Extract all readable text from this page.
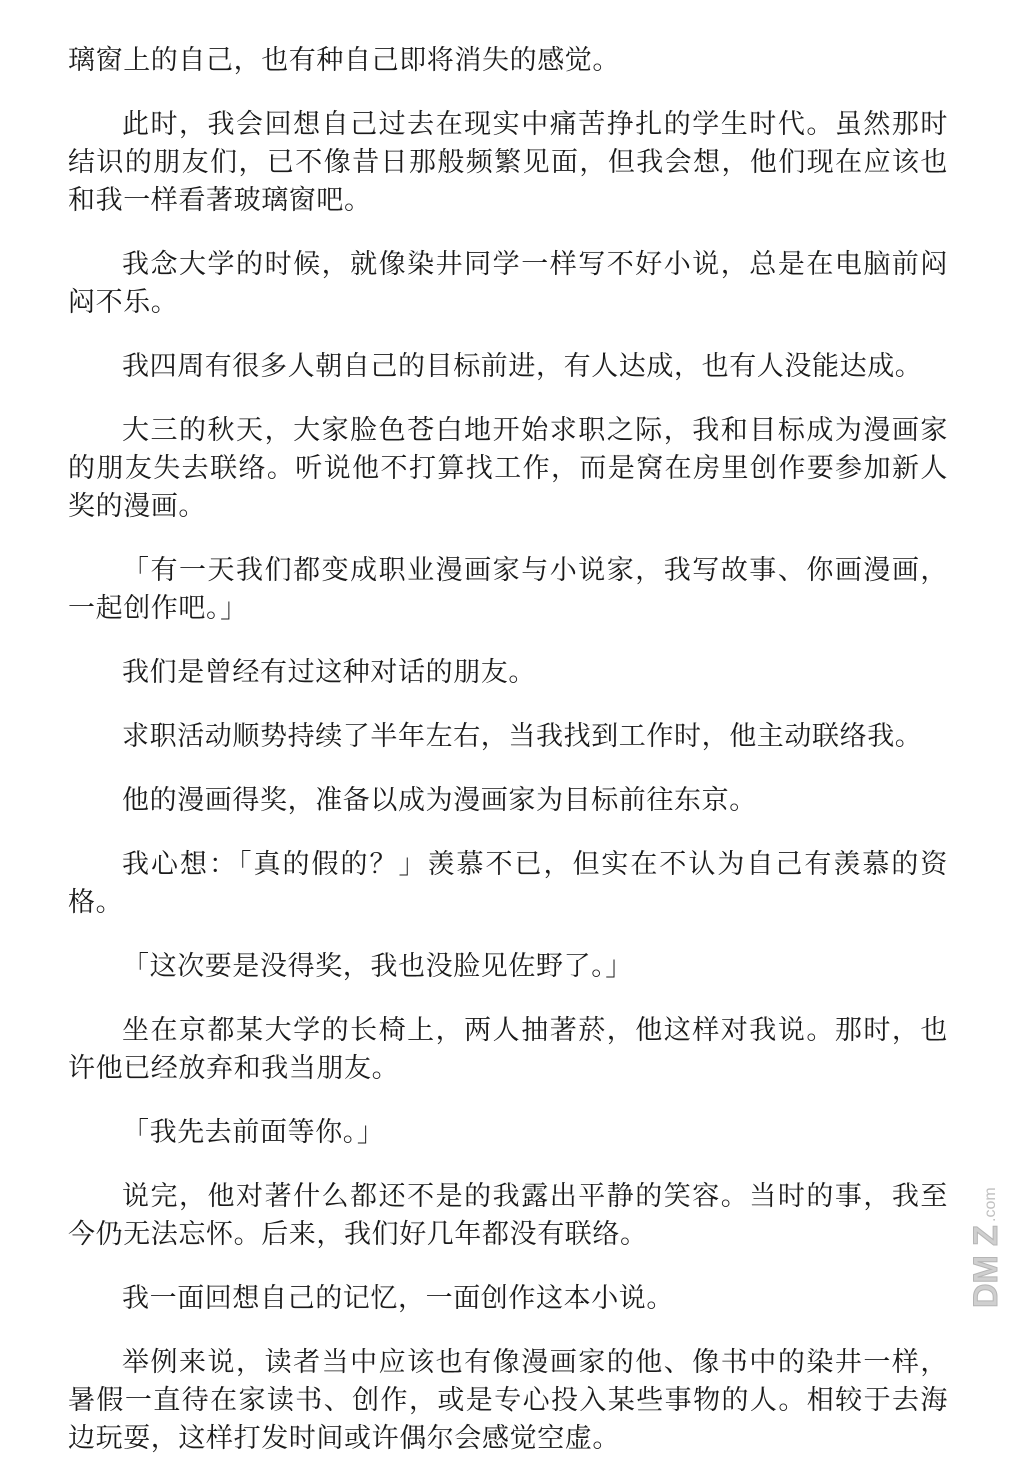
璃窗上的自己，也有种自己即将消失的感觉。

此时，我会回想自己过去在现实中痛苦挣扎的学生时代。虽然那时结识的朋友们，已不像昔日那般频繁见面，但我会想，他们现在应该也和我一样看著玻璃窗吧。

我念大学的时候，就像染井同学一样写不好小说，总是在电脑前闷闷不乐。

我四周有很多人朝自己的目标前进，有人达成，也有人没能达成。

大三的秋天，大家脸色苍白地开始求职之际，我和目标成为漫画家的朋友失去联络。听说他不打算找工作，而是窝在房里创作要参加新人奖的漫画。

「有一天我们都变成职业漫画家与小说家，我写故事、你画漫画，一起创作吧。」

我们是曾经有过这种对话的朋友。

求职活动顺势持续了半年左右，当我找到工作时，他主动联络我。

他的漫画得奖，准备以成为漫画家为目标前往东京。

我心想：「真的假的？」羡慕不已，但实在不认为自己有羡慕的资格。

「这次要是没得奖，我也没脸见佐野了。」

坐在京都某大学的长椅上，两人抽著菸，他这样对我说。那时，也许他已经放弃和我当朋友。

「我先去前面等你。」

说完，他对著什么都还不是的我露出平静的笑容。当时的事，我至今仍无法忘怀。后来，我们好几年都没有联络。

我一面回想自己的记忆，一面创作这本小说。

举例来说，读者当中应该也有像漫画家的他、像书中的染井一样，暑假一直待在家读书、创作，或是专心投入某些事物的人。相较于去海边玩耍，这样打发时间或许偶尔会感觉空虚。

DM
Z
.com
